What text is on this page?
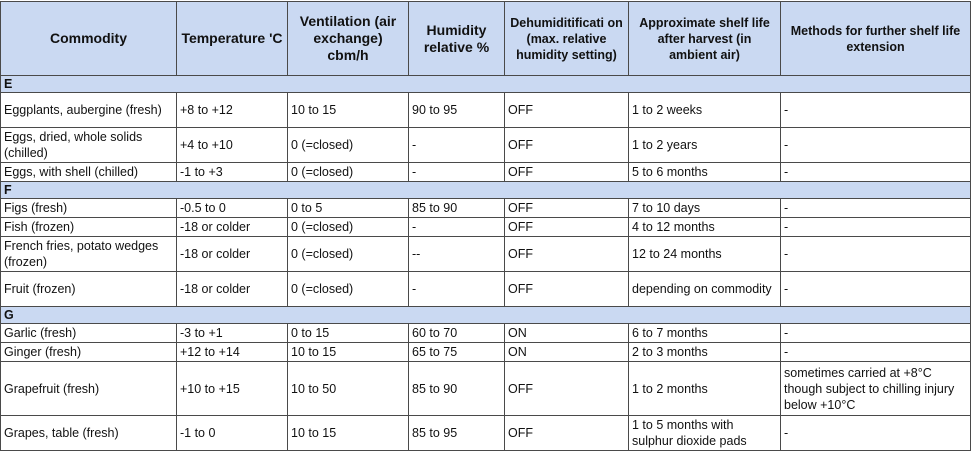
Commodity	Temperature 'C	Ventilation (air exchange) cbm/h	Humidity relative %	Dehumiditificati on (max. relative humidity setting)	Approximate shelf life after harvest (in ambient air)	Methods for further shelf life extension
E						
Eggplants, aubergine (fresh)	+8 to +12	10 to 15	90 to 95	OFF	1 to 2 weeks	-
Eggs, dried, whole solids (chilled)	+4 to +10	0 (=closed)	-	OFF	1 to 2 years	-
Eggs, with shell (chilled)	-1 to +3	0 (=closed)	-	OFF	5 to 6 months	-
F						
Figs (fresh)	-0.5 to 0	0 to 5	85 to 90	OFF	7 to 10 days	-
Fish (frozen)	-18 or colder	0 (=closed)	-	OFF	4 to 12 months	-
French fries, potato wedges (frozen)	-18 or colder	0 (=closed)	--	OFF	12 to 24 months	-
Fruit (frozen)	-18 or colder	0 (=closed)	-	OFF	depending on commodity	-
G						
Garlic (fresh)	-3 to +1	0 to 15	60 to 70	ON	6 to 7 months	-
Ginger (fresh)	+12 to +14	10 to 15	65 to 75	ON	2 to 3 months	-
Grapefruit (fresh)	+10 to +15	10 to 50	85 to 90	OFF	1 to 2 months	sometimes carried at +8°C though subject to chilling injury below +10°C
Grapes, table (fresh)	-1 to 0	10 to 15	85 to 95	OFF	1 to 5 months with sulphur dioxide pads	-
